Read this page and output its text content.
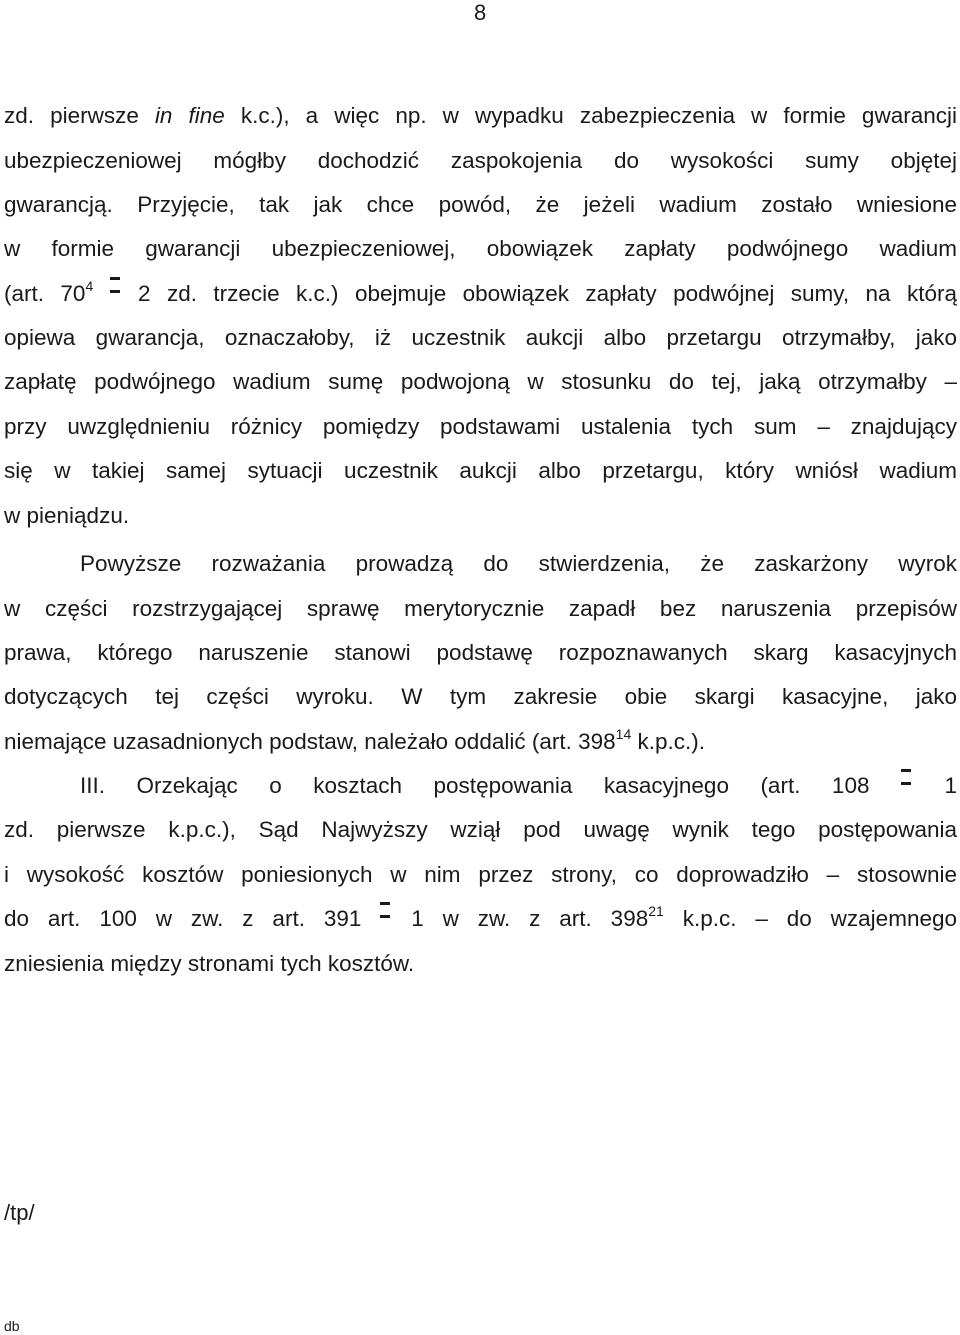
8
zd. pierwsze in fine k.c.), a więc np. w wypadku zabezpieczenia w formie gwarancji
ubezpieczeniowej mógłby dochodzić zaspokojenia do wysokości sumy objętej
gwarancją. Przyjęcie, tak jak chce powód, że jeżeli wadium zostało wniesione
w formie gwarancji ubezpieczeniowej, obowiązek zapłaty podwójnego wadium
(art. $70^4$  2 zd. trzecie k.c.) obejmuje obowiązek zapłaty podwójnej sumy, na którą
opiewa gwarancja, oznaczałoby, iż uczestnik aukcji albo przetargu otrzymałby, jako
zapłatę podwójnego wadium sumę podwojoną w stosunku do tej, jaką otrzymałby –
przy uwzględnieniu różnicy pomiędzy podstawami ustalenia tych sum – znajdujący
się w takiej samej sytuacji uczestnik aukcji albo przetargu, który wniósł wadium
w pieniądzu.
Powyższe rozważania prowadzą do stwierdzenia, że zaskarżony wyrok
w części rozstrzygającej sprawę merytorycznie zapadł bez naruszenia przepisów
prawa, którego naruszenie stanowi podstawę rozpoznawanych skarg kasacyjnych
dotyczących tej części wyroku. W tym zakresie obie skargi kasacyjne, jako
niemające uzasadnionych podstaw, należało oddalić (art. $398^{14}$ k.p.c.).
III. Orzekając o kosztach postępowania kasacyjnego (art. 108	1
zd. pierwsze k.p.c.), Sąd Najwyższy wziął pod uwagę wynik tego postępowania
i wysokość kosztów poniesionych w nim przez strony, co doprowadziło – stosownie
do art. 100 w zw. z art. 391 1 w zw. z art. $398^{21}$ k.p.c. – do wzajemnego
zniesienia między stronami tych kosztów.
/tp/
db
